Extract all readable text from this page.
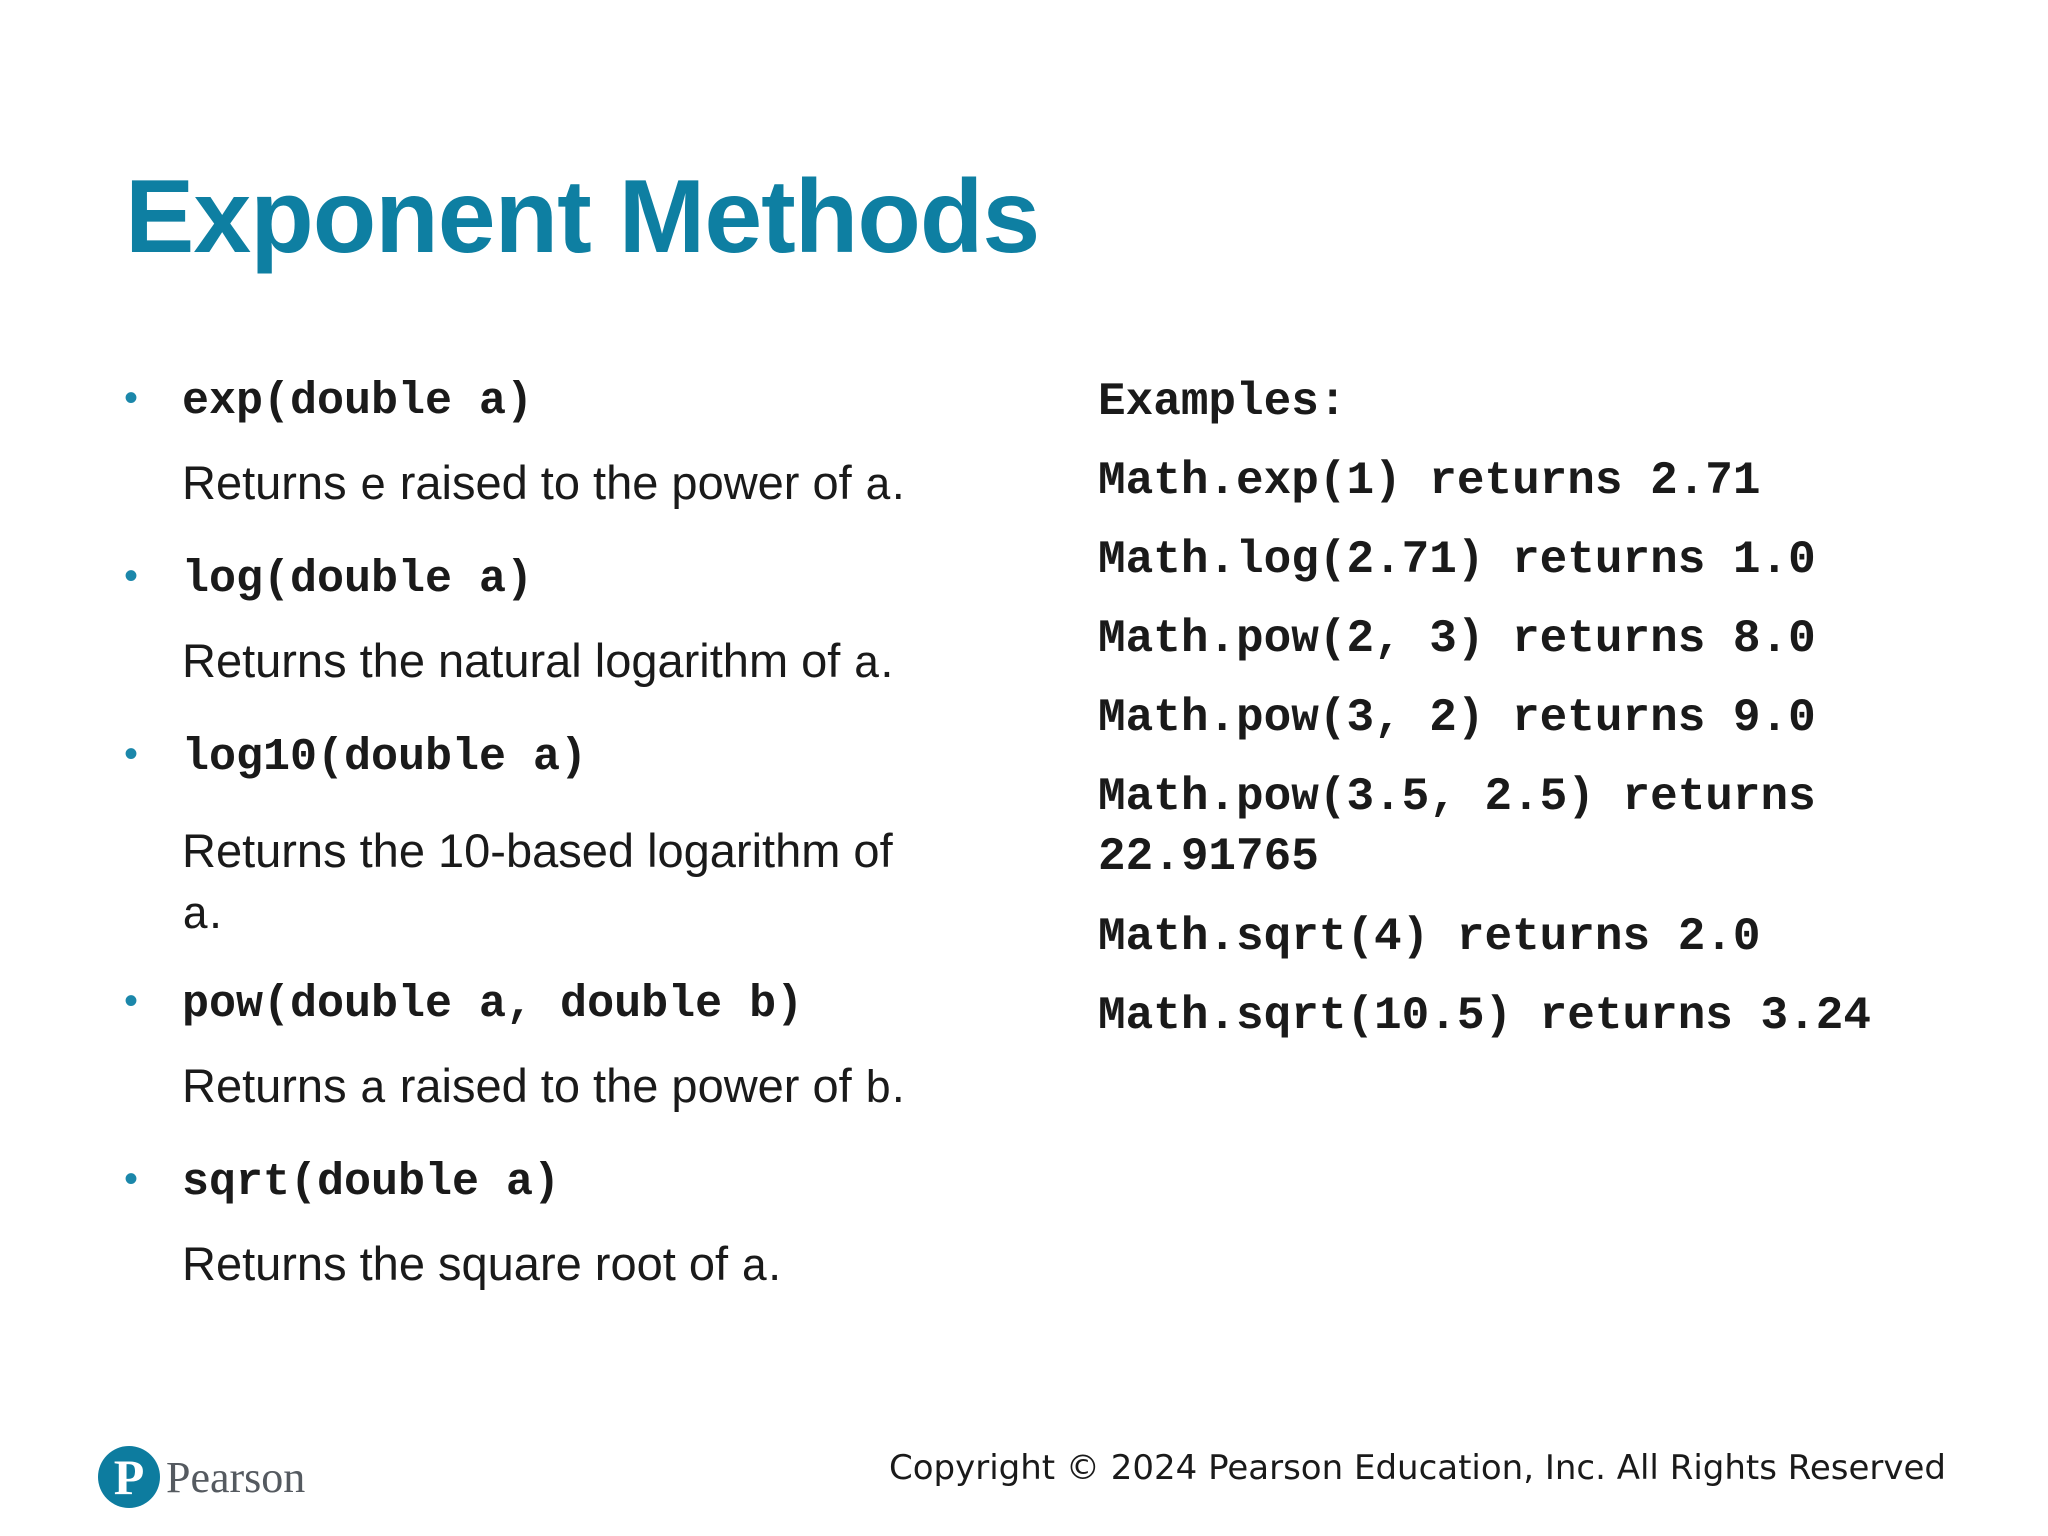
Exponent Methods
• exp(double a)
Returns e raised to the power of a.
• log(double a)
Returns the natural logarithm of a.
• log10(double a)
Returns the 10-based logarithm of
a.
• pow(double a, double b)
Returns a raised to the power of b.
• sqrt(double a)
Returns the square root of a.
Examples:
Math.exp(1) returns 2.71
Math.log(2.71) returns 1.0
Math.pow(2, 3) returns 8.0
Math.pow(3, 2) returns 9.0
Math.pow(3.5, 2.5) returns 22.91765
Math.sqrt(4) returns 2.0
Math.sqrt(10.5) returns 3.24
P Pearson	Copyright © 2024 Pearson Education, Inc. All Rights Reserved
